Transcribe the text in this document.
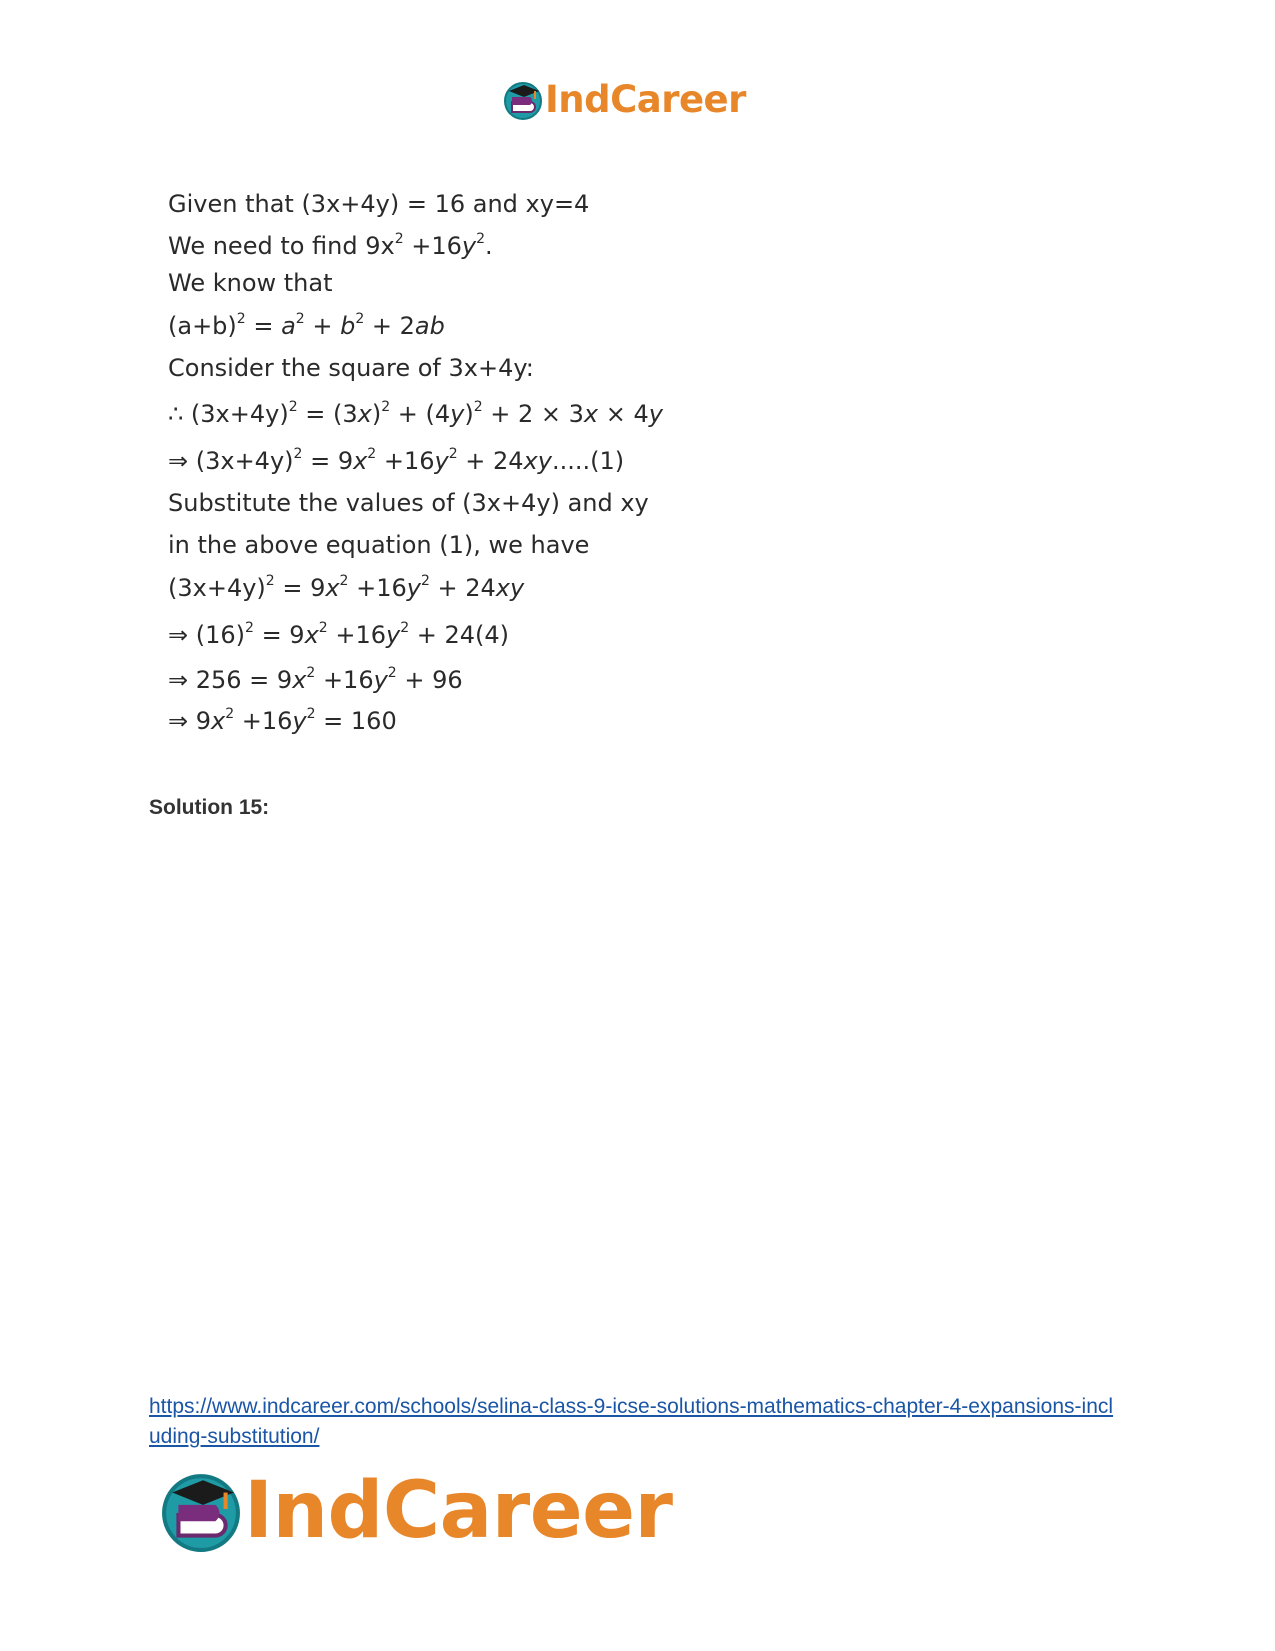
IndCareer
Given that (3x+4y) = 16 and xy=4
We need to find $9x^2 +16y^2$.
We know that
$(a+b)^2 = a^2 + b^2 + 2ab$
Consider the square of 3x+4y:
∴ $(3x+4y)^2 = (3x)^2 + (4y)^2 + 2 \times 3x \times 4y$
⇒ $(3x+4y)^2 = 9x^2 +16y^2 + 24xy.....(1)$
Substitute the values of (3x+4y) and xy
in the above equation (1), we have
$(3x+4y)^2 = 9x^2 +16y^2 + 24xy$
⇒ $(16)^2 = 9x^2 +16y^2 + 24(4)$
⇒ $256 = 9x^2 +16y^2 + 96$
⇒ $9x^2 +16y^2 = 160$
Solution 15:
https://www.indcareer.com/schools/selina-class-9-icse-solutions-mathematics-chapter-4-expansions-including-substitution/
IndCareer
